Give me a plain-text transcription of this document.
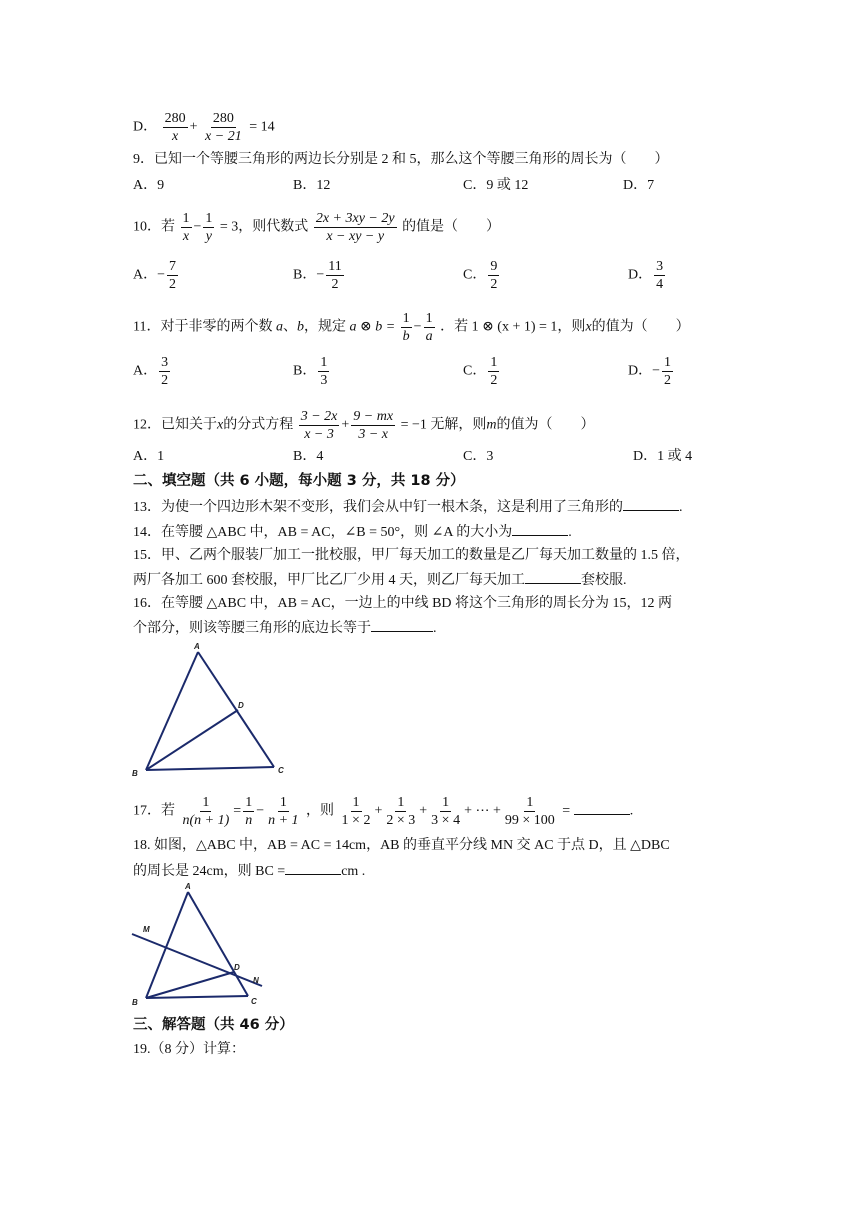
D． $\frac{280}{x} + \frac{280}{x - 21} = 14$
9．已知一个等腰三角形的两边长分别是 2 和 5，那么这个等腰三角形的周长为（　　）
A．9	B．12	C．9 或 12	D．7
10．若 $\frac{1}{x} - \frac{1}{y} = 3$，则代数式 $\frac{2x + 3xy - 2y}{x - xy - y}$ 的值是（　　）
A．− $\frac{7}{2}$	B．− $\frac{11}{2}$	C． $\frac{9}{2}$	D． $\frac{3}{4}$
11．对于非零的两个数 a、b，规定 a ⊗ $b = \frac{1}{b} - \frac{1}{a}$ ．若 1 ⊗ (x + 1) = 1，则x的值为（　　）
A． $\frac{3}{2}$	B． $\frac{1}{3}$	C． $\frac{1}{2}$	D．− $\frac{1}{2}$
12．已知关于x的分式方程 $\frac{3 - 2x}{x - 3} + \frac{9 - mx}{3 - x} = -1$ 无解，则m的值为（　　）
A．1	B．4	C．3	D．1 或 4
二、填空题（共 6 小题，每小题 3 分，共 18 分）
13．为使一个四边形木架不变形，我们会从中钉一根木条，这是利用了三角形的	.
14．在等腰 △ABC 中，AB = AC，∠B = 50°，则 ∠A 的大小为	.
15．甲、乙两个服装厂加工一批校服，甲厂每天加工的数量是乙厂每天加工数量的 1.5 倍，
两厂各加工 600 套校服，甲厂比乙厂少用 4 天，则乙厂每天加工	套校服.
16．在等腰 △ABC 中，AB = AC，一边上的中线 BD 将这个三角形的周长分为 15，12 两
个部分，则该等腰三角形的底边长等于	.
A
B	C
D
17．若 $\frac{1}{n(n + 1)} = \frac{1}{n} - \frac{1}{n + 1}$ ，则 $\frac{1}{1 \times 2} + \frac{1}{2 \times 3} + \frac{1}{3 \times 4}$ + ⋯ + $\frac{1}{99 \times 100}$ =	.
18. 如图，△ABC 中，AB = AC = 14cm，AB 的垂直平分线 MN 交 AC 于点 D，且 △DBC
的周长是 24cm，则 BC =	cm .
A
B	C
D
M
N
三、解答题（共 46 分）
19.（8 分）计算：
